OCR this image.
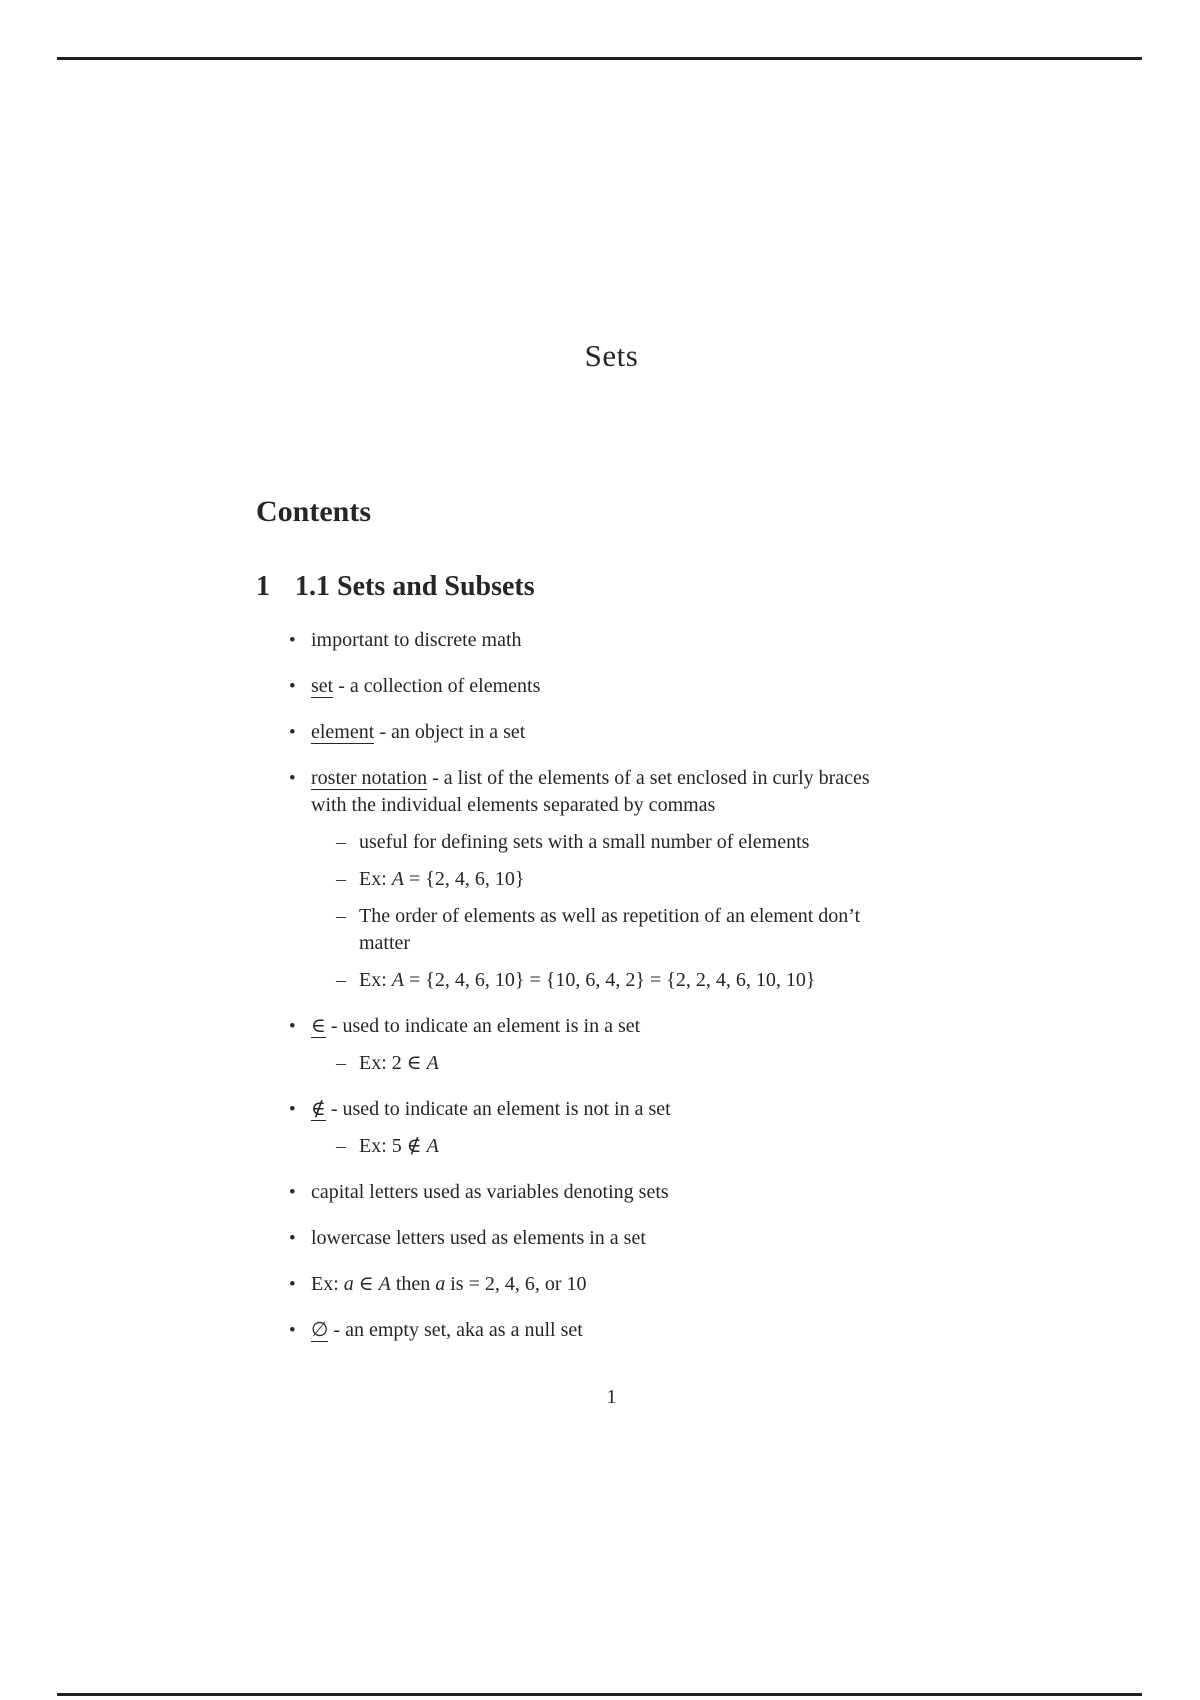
Sets
Contents
1 1.1 Sets and Subsets
• important to discrete math
• set - a collection of elements
• element - an object in a set
• roster notation - a list of the elements of a set enclosed in curly braces
with the individual elements separated by commas
– useful for defining sets with a small number of elements
– Ex: A = {2, 4, 6, 10}
– The order of elements as well as repetition of an element don’t
matter
– Ex: A = {2, 4, 6, 10} = {10, 6, 4, 2} = {2, 2, 4, 6, 10, 10}
• ∈ - used to indicate an element is in a set
– Ex: 2 ∈ A
• ∉ - used to indicate an element is not in a set
– Ex: 5 ∉ A
• capital letters used as variables denoting sets
• lowercase letters used as elements in a set
• Ex: a ∈ A then a is = 2, 4, 6, or 10
• ∅ - an empty set, aka as a null set
1
